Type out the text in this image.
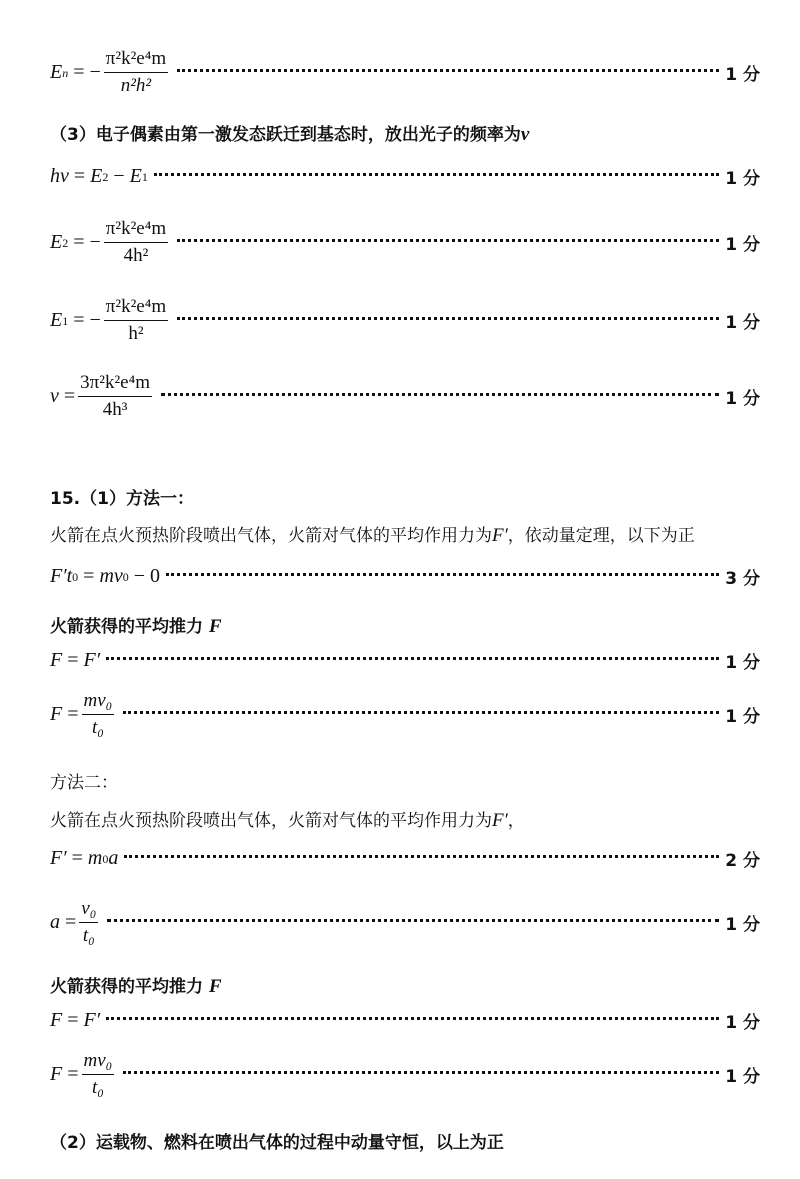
E n = − $\frac{\text{π²k²e⁴m}}{\text{n²h²}}$	1 分
（3）电子偶素由第一激发态跃迁到基态时，放出光子的频率为ν
hν = E 2 − E 1	1 分
E 2 = − $\frac{\text{π²k²e⁴m}}{\text{4h²}}$	1 分
E 1 = − $\frac{\text{π²k²e⁴m}}{\text{h²}}$	1 分
$\nu = \frac{\text{3π²k²e⁴m}}{\text{4h³}}$	1 分
15.（1）方法一：
火箭在点火预热阶段喷出气体，火箭对气体的平均作用力为F′，依动量定理，以下为正
F′t 0 = mv 0 − 0	3 分
火箭获得的平均推力 F
F = F′	1 分
$F = \frac{\text{mv₀}}{\text{t₀}}$	1 分
方法二：
火箭在点火预热阶段喷出气体，火箭对气体的平均作用力为F′，
F′ = m 0 a	2 分
$a = \frac{\text{v₀}}{\text{t₀}}$	1 分
火箭获得的平均推力 F
F = F′	1 分
$F = \frac{\text{mv₀}}{\text{t₀}}$	1 分
（2）运载物、燃料在喷出气体的过程中动量守恒，以上为正
